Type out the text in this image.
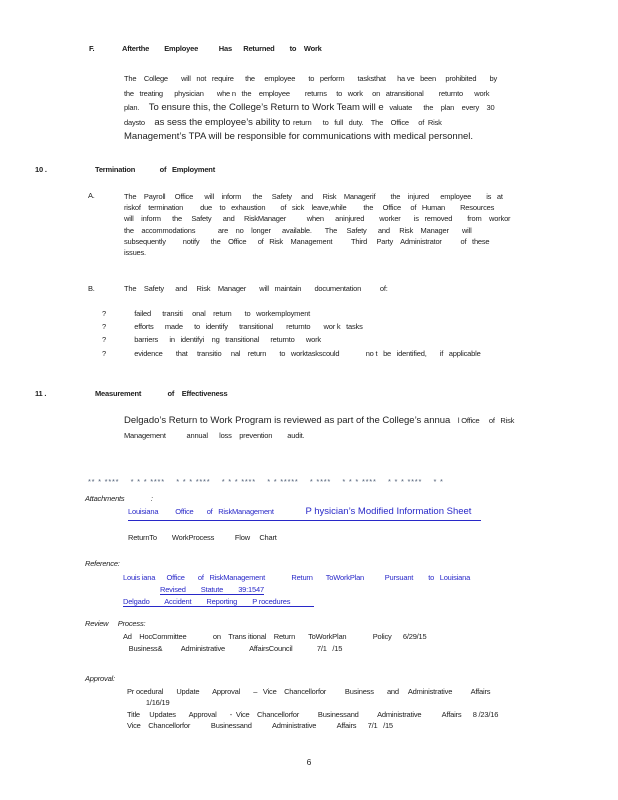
F.	Afterthe        Employee           Has      Returned        to    Work
The    College       will   not   require      the     employee       to   perform       tasksthat      ha ve   been     prohibited       by
the   treating      physician       whe n   the    employee        returns     to   work     on   atransitional        returnto      work
plan.     To ensure this, the College’s Return to Work Team will e   valuate      the    plan    every    30
daysto     as sess the employee’s ability to return      to   full   duty.    The    Office     of  Risk
Management’s TPA will be responsible for communications with medical personnel.
10 .	Termination             of   Employment
A.	The    Payroll     Office      will    inform      the     Safety     and     Risk    Managerif        the    injured      employee        is   at
riskof    termination         due    to   exhaustion        of   sick    leave,while         the     Office     of   Human        Resources
will    inform      the     Safety      and     RiskManager           when      aninjured        worker       is   removed        from    workor
the    accommodations            are    no    longer      available.       The     Safety      and     Risk    Manager       will
subsequently         notify      the    Office      of   Risk    Management          Third     Party    Administrator          of   these
issues.
B.	The    Safety      and     Risk    Manager       will   maintain       documentation          of:
?               failed      transiti     onal    return       to   workemployment
?               efforts      made      to   identify      transitional       returnto       wor k   tasks
?               barriers      in   identifyi    ng   transitional      returnto      work
?               evidence       that     transitio     nal    return       to   worktaskscould              no t   be   identified,       if   applicable
11 .	Measurement              of    Effectiveness
Delgado’s Return to Work Program is reviewed as part of the College’s annua    l Office     of   Risk
Management           annual      loss    prevention        audit.
** * ****    * * * ****    * * * ****    * * * ****    * * *****    * ****    * * * ****    * * * ****    * *
Attachments              :
Louisiana         Office       of   RiskManagement            P hysician’s Modified Information Sheet
ReturnTo        WorkProcess           Flow     Chart
Reference:
Louis iana      Office       of   RiskManagement              Return       ToWorkPlan           Pursuant        to   Louisiana
Revised        Statute        39:1547
Delgado        Accident        Reporting        P rocedures
Review     Process:
Ad    HocCommittee              on    Trans itional    Return       ToWorkPlan              Policy      6/29/15
Business&          Administrative             AffairsCouncil             7/1   /15
Approval:
Pr ocedural       Update       Approval       –   Vice    Chancellorfor          Business       and     Administrative          Affairs
1/16/19
Title     Updates       Approval       -  Vice    Chancellorfor          Businessand          Administrative           Affairs      8 /23/16
Vice    Chancellorfor           Businessand           Administrative           Affairs      7/1   /15
6
